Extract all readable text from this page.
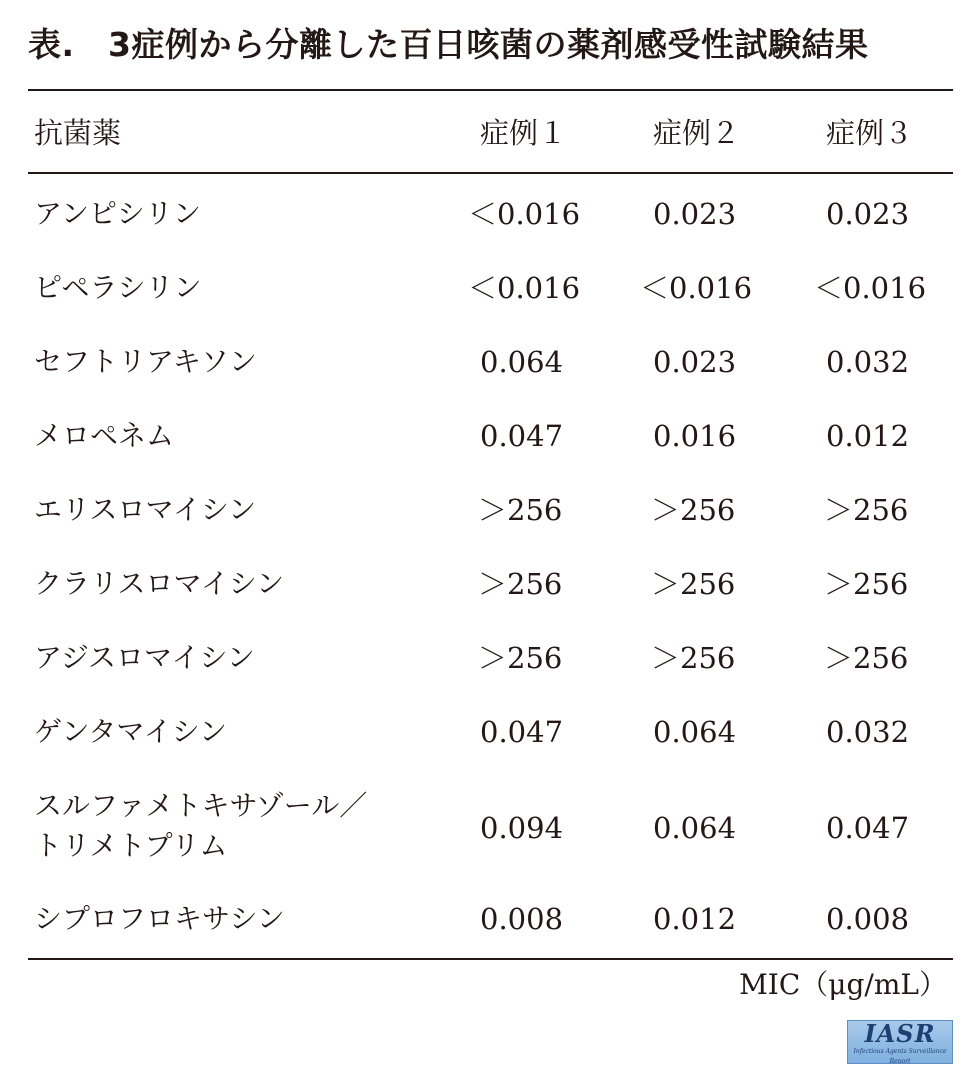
表.　3症例から分離した百日咳菌の薬剤感受性試験結果
抗菌薬	症例１	症例２	症例３
アンピシリン	＜0.016	0.023	0.023
ピペラシリン	＜0.016 ＜0.016 ＜0.016
セフトリアキソン	0.064	0.023	0.032
メロペネム	0.047	0.016	0.012
エリスロマイシン	＞256	＞256	＞256
クラリスロマイシン	＞256	＞256	＞256
アジスロマイシン	＞256	＞256	＞256
ゲンタマイシン	0.047	0.064	0.032
スルファメトキサゾール／
トリメトプリム
0.094	0.064	0.047
シプロフロキサシン	0.008	0.012	0.008
MIC（μg/mL）
IASR
Infectious Agents Surveillance Report
